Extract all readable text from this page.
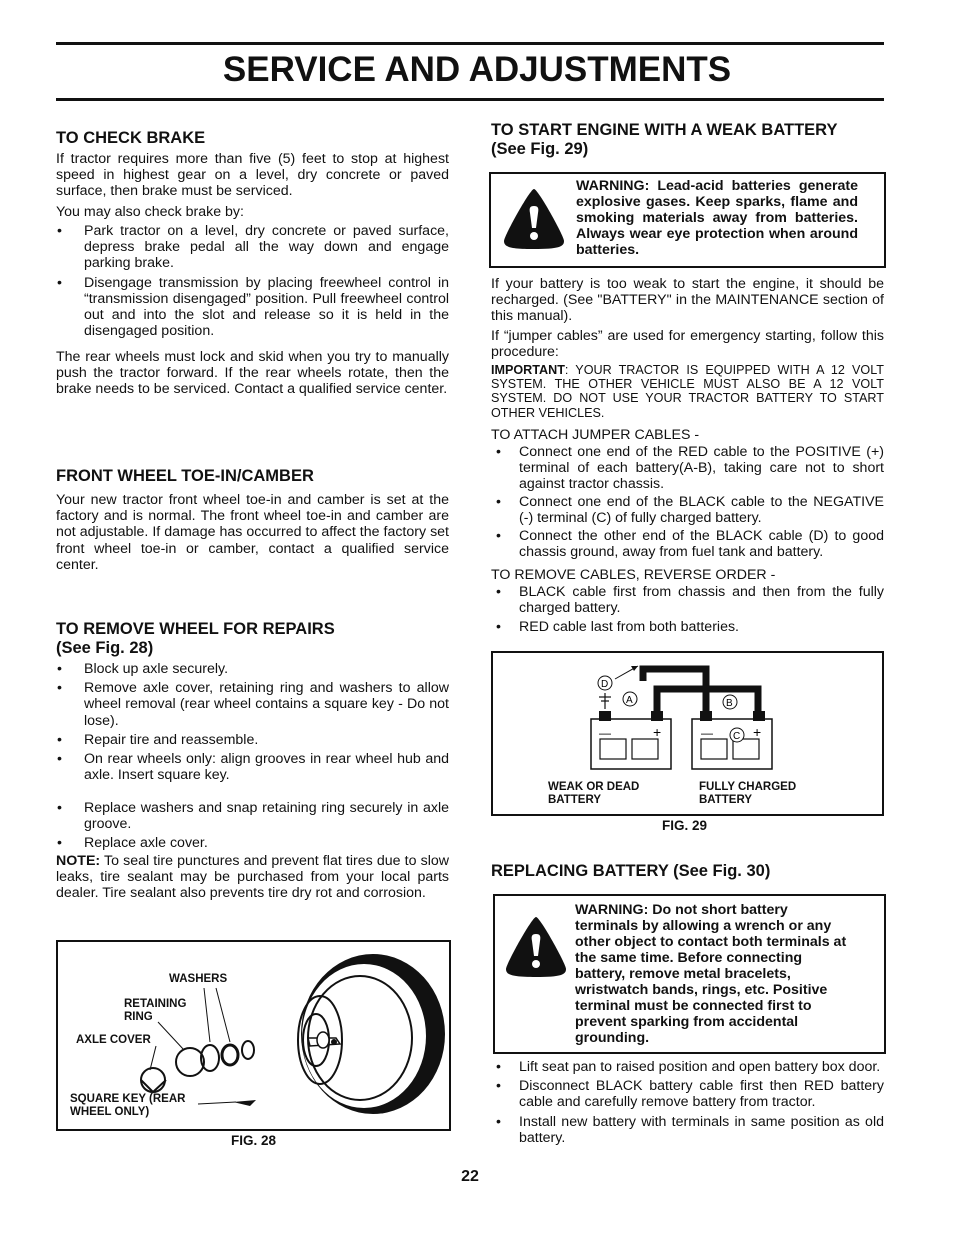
SERVICE AND ADJUSTMENTS
TO CHECK BRAKE
If tractor requires more than five (5) feet to stop at highest speed in highest gear on a level, dry concrete or paved surface, then brake must be serviced.
You may also check brake by:
• Park tractor on a level, dry concrete or paved surface, depress brake pedal all the way down and engage parking brake.
• Disengage transmission by placing freewheel control in “transmission disengaged” position. Pull freewheel control out and into the slot and release so it is held in the disengaged position.
The rear wheels must lock and skid when you try to manually push the tractor forward. If the rear wheels rotate, then the brake needs to be serviced. Contact a qualified service center.
FRONT WHEEL TOE-IN/CAMBER
Your new tractor front wheel toe-in and camber is set at the factory and is normal. The front wheel toe-in and camber are not adjustable. If damage has occurred to affect the factory set front wheel toe-in or camber, contact a qualified service center.
TO REMOVE WHEEL FOR REPAIRS
(See Fig. 28)
• Block up axle securely.
• Remove axle cover, retaining ring and washers to allow wheel removal (rear wheel contains a square key - Do not lose).
• Repair tire and reassemble.
• On rear wheels only: align grooves in rear wheel hub and axle. Insert square key.
• Replace washers and snap retaining ring securely in axle groove.
• Replace axle cover.
NOTE: To seal tire punctures and prevent flat tires due to slow leaks, tire sealant may be purchased from your local parts dealer. Tire sealant also prevents tire dry rot and corrosion.
WASHERS
RETAINING
RING
AXLE COVER
SQUARE KEY (REAR
WHEEL ONLY)
FIG. 28
TO START ENGINE WITH A WEAK BATTERY
(See Fig. 29)
WARNING: Lead-acid batteries generate explosive gases. Keep sparks, flame and smoking materials away from batteries. Always wear eye protection when around batteries.
If your battery is too weak to start the engine, it should be recharged. (See "BATTERY" in the MAINTENANCE section of this manual).
If “jumper cables” are used for emergency starting, follow this procedure:
IMPORTANT: YOUR TRACTOR IS EQUIPPED WITH A 12 VOLT SYSTEM. THE OTHER VEHICLE MUST ALSO BE A 12 VOLT SYSTEM. DO NOT USE YOUR TRACTOR BATTERY TO START OTHER VEHICLES.
TO ATTACH JUMPER CABLES -
• Connect one end of the RED cable to the POSITIVE (+) terminal of each battery(A-B), taking care not to short against tractor chassis.
• Connect one end of the BLACK cable to the NEGATIVE (-) terminal (C) of fully charged battery.
• Connect the other end of the BLACK cable (D) to good chassis ground, away from fuel tank and battery.
TO REMOVE CABLES, REVERSE ORDER -
• BLACK cable first from chassis and then from the fully charged battery.
• RED cable last from both batteries.
D
A	B
C
—	+	—	+
WEAK OR DEAD
BATTERY
FULLY CHARGED
BATTERY
FIG. 29
REPLACING BATTERY (See Fig. 30)
WARNING: Do not short battery terminals by allowing a wrench or any other object to contact both terminals at the same time. Before connecting battery, remove metal bracelets, wristwatch bands, rings, etc. Positive terminal must be connected first to prevent sparking from accidental grounding.
• Lift seat pan to raised position and open battery box door.
• Disconnect BLACK battery cable first then RED battery cable and carefully remove battery from tractor.
• Install new battery with terminals in same position as old battery.
22
